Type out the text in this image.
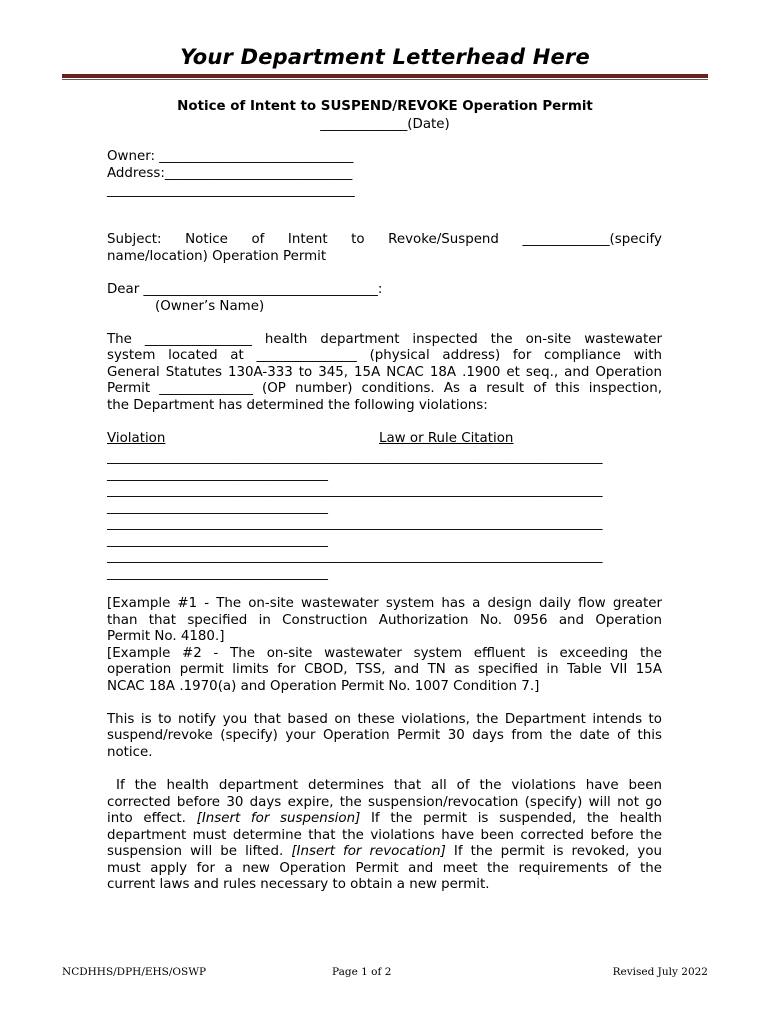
Your Department Letterhead Here
Notice of Intent to SUSPEND/REVOKE Operation Permit
_____________(Date)
Owner: _____________________________
Address:____________________________
_____________________________________
Subject: Notice of Intent to Revoke/Suspend _____________(specify
name/location) Operation Permit
Dear ___________________________________:
(Owner’s Name)
The ________________ health department inspected the on-site wastewater
system located at _______________ (physical address) for compliance with
General Statutes 130A-333 to 345, 15A NCAC 18A .1900 et seq., and Operation
Permit ______________ (OP number) conditions. As a result of this inspection,
the Department has determined the following violations:
Violation	Law or Rule Citation
__________________________________________________________________________
_________________________________
__________________________________________________________________________
_________________________________
__________________________________________________________________________
_________________________________
__________________________________________________________________________
_________________________________
[Example #1 - The on-site wastewater system has a design daily flow greater
than that specified in Construction Authorization No. 0956 and Operation
Permit No. 4180.]
[Example #2 - The on-site wastewater system effluent is exceeding the
operation permit limits for CBOD, TSS, and TN as specified in Table VII 15A
NCAC 18A .1970(a) and Operation Permit No. 1007 Condition 7.]
This is to notify you that based on these violations, the Department intends to
suspend/revoke (specify) your Operation Permit 30 days from the date of this
notice.
If the health department determines that all of the violations have been
corrected before 30 days expire, the suspension/revocation (specify) will not go
into effect. [Insert for suspension] If the permit is suspended, the health
department must determine that the violations have been corrected before the
suspension will be lifted. [Insert for revocation] If the permit is revoked, you
must apply for a new Operation Permit and meet the requirements of the
current laws and rules necessary to obtain a new permit.
NCDHHS/DPH/EHS/OSWP	Page 1 of 2	Revised July 2022
